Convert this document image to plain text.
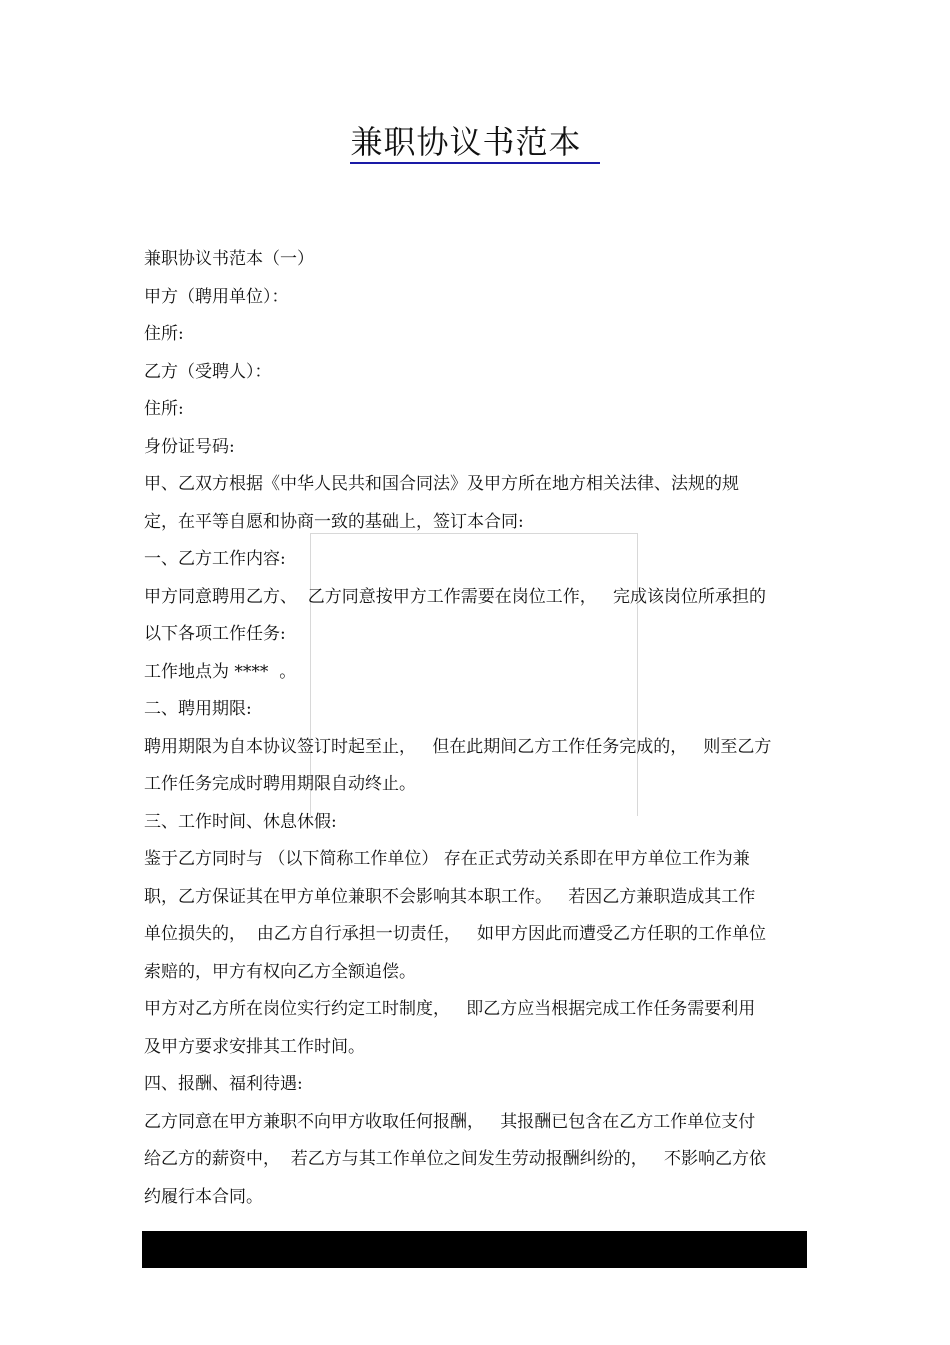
兼职协议书范本

兼职协议书范本（一）

甲方（聘用单位）：

住所:

乙方（受聘人）：

住所:

身份证号码:

甲、乙双方根据《中华人民共和国合同法》及甲方所在地方相关法律、法规的规

定，在平等自愿和协商一致的基础上，签订本合同:

一、乙方工作内容:

甲方同意聘用乙方、  乙方同意按甲方工作需要在岗位工作，   完成该岗位所承担的

以下各项工作任务:

工作地点为 ****  。

二、聘用期限:

聘用期限为自本协议签订时起至止，   但在此期间乙方工作任务完成的，   则至乙方

工作任务完成时聘用期限自动终止。

三、工作时间、休息休假:

鉴于乙方同时与 （以下简称工作单位） 存在正式劳动关系即在甲方单位工作为兼

职，乙方保证其在甲方单位兼职不会影响其本职工作。   若因乙方兼职造成其工作

单位损失的，  由乙方自行承担一切责任，   如甲方因此而遭受乙方任职的工作单位

索赔的，甲方有权向乙方全额追偿。

甲方对乙方所在岗位实行约定工时制度，   即乙方应当根据完成工作任务需要利用

及甲方要求安排其工作时间。

四、报酬、福利待遇:

乙方同意在甲方兼职不向甲方收取任何报酬，   其报酬已包含在乙方工作单位支付

给乙方的薪资中，  若乙方与其工作单位之间发生劳动报酬纠纷的，   不影响乙方依

约履行本合同。
